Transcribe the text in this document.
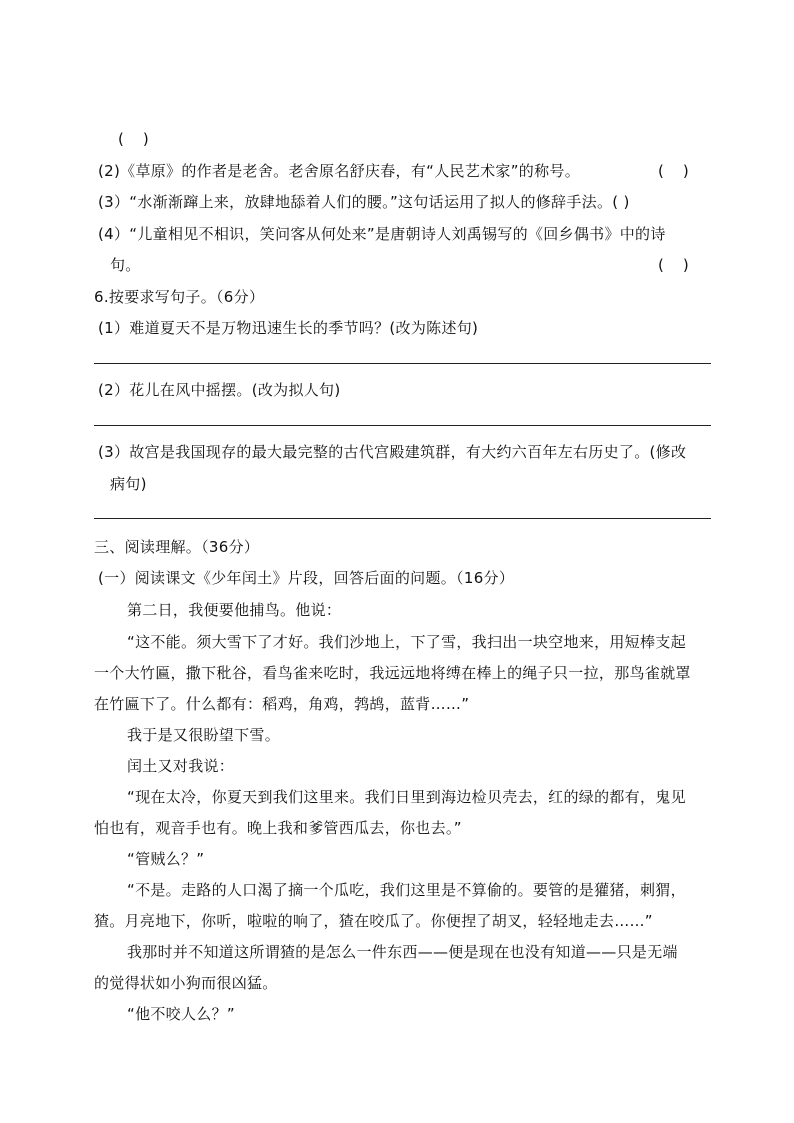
(    )
(2)《草原》的作者是老舍。老舍原名舒庆春，有“人民艺术家”的称号。	(    )
(3）“水渐渐蹿上来，放肆地舔着人们的腰。”这句话运用了拟人的修辞手法。( )
(4）“儿童相见不相识，笑问客从何处来”是唐朝诗人刘禹锡写的《回乡偶书》中的诗
句。	(    )
6.按要求写句子。（6分）
(1）难道夏天不是万物迅速生长的季节吗？(改为陈述句)
(2）花儿在风中摇摆。(改为拟人句)
(3）故宫是我国现存的最大最完整的古代宫殿建筑群，有大约六百年左右历史了。(修改
病句)
三、阅读理解。（36分）
(一）阅读课文《少年闰土》片段，回答后面的问题。（16分）
第二日，我便要他捕鸟。他说：
“这不能。须大雪下了才好。我们沙地上，下了雪，我扫出一块空地来，用短棒支起
一个大竹匾，撒下秕谷，看鸟雀来吃时，我远远地将缚在棒上的绳子只一拉，那鸟雀就罩
在竹匾下了。什么都有：稻鸡，角鸡，鹁鸪，蓝背……”
我于是又很盼望下雪。
闰土又对我说：
“现在太冷，你夏天到我们这里来。我们日里到海边检贝壳去，红的绿的都有，鬼见
怕也有，观音手也有。晚上我和爹管西瓜去，你也去。”
“管贼么？”
“不是。走路的人口渴了摘一个瓜吃，我们这里是不算偷的。要管的是獾猪，刺猬，
猹。月亮地下，你听，啦啦的响了，猹在咬瓜了。你便捏了胡叉，轻轻地走去……”
我那时并不知道这所谓猹的是怎么一件东西——便是现在也没有知道——只是无端
的觉得状如小狗而很凶猛。
“他不咬人么？”
